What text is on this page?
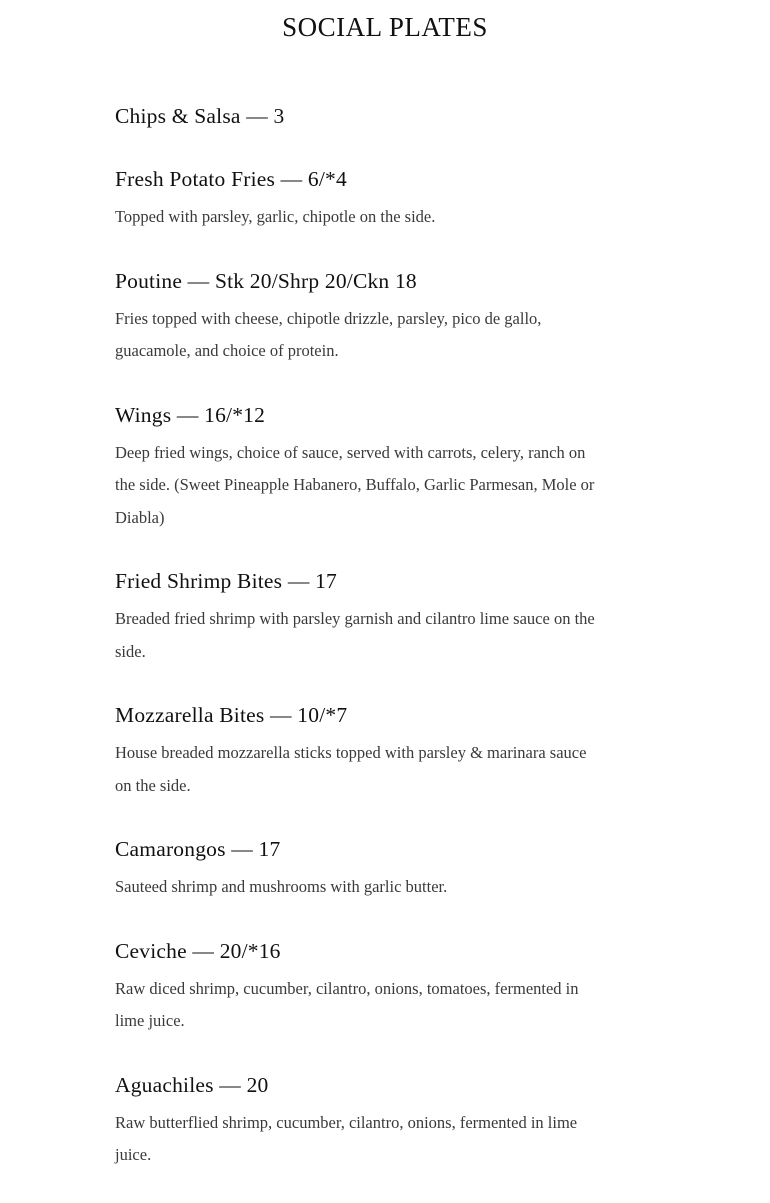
SOCIAL PLATES
Chips & Salsa — 3
Fresh Potato Fries — 6/*4

Topped with parsley, garlic, chipotle on the side.

Poutine — Stk 20/Shrp 20/Ckn 18

Fries topped with cheese, chipotle drizzle, parsley, pico de gallo, guacamole, and choice of protein.

Wings — 16/*12

Deep fried wings, choice of sauce, served with carrots, celery, ranch on the side. (Sweet Pineapple Habanero, Buffalo, Garlic Parmesan, Mole or Diabla)

Fried Shrimp Bites — 17

Breaded fried shrimp with parsley garnish and cilantro lime sauce on the side.

Mozzarella Bites — 10/*7

House breaded mozzarella sticks topped with parsley & marinara sauce on the side.

Camarongos — 17

Sauteed shrimp and mushrooms with garlic butter.

Ceviche — 20/*16

Raw diced shrimp, cucumber, cilantro, onions, tomatoes, fermented in lime juice.

Aguachiles — 20

Raw butterflied shrimp, cucumber, cilantro, onions, fermented in lime juice.
